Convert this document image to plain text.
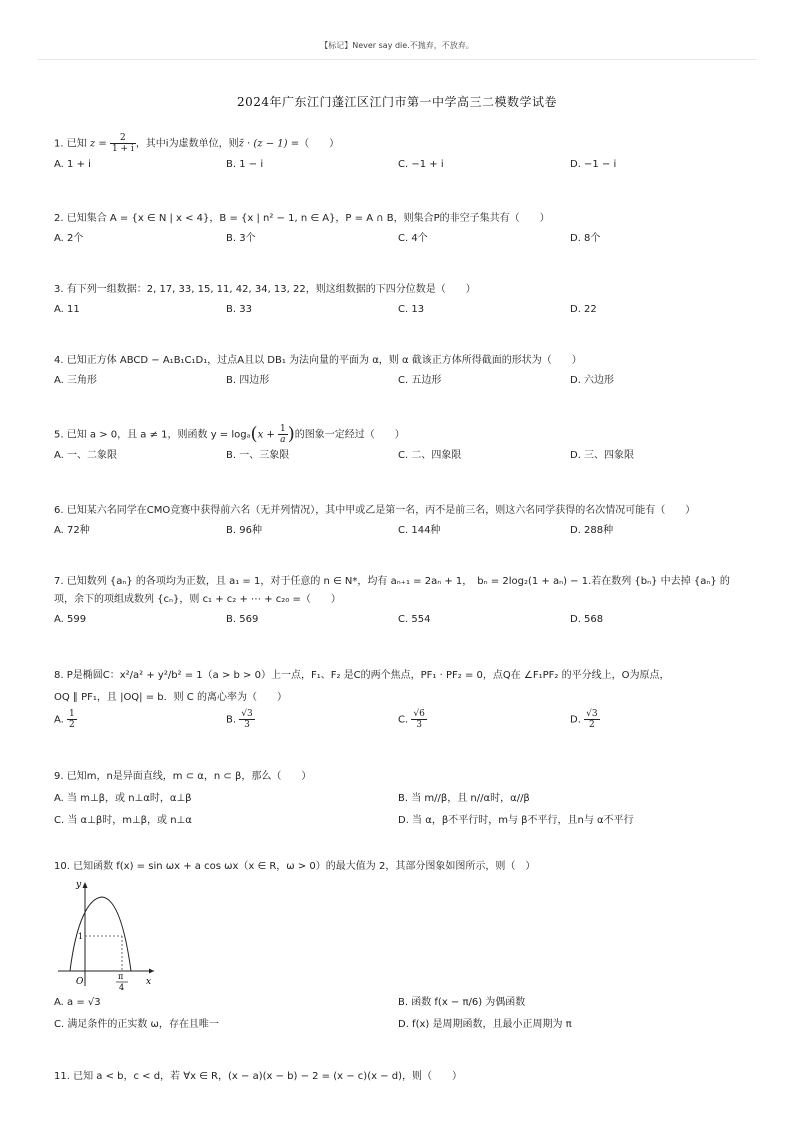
【标记】Never say die.不抛弃，不放弃。
2024年广东江门蓬江区江门市第一中学高三二模数学试卷
1. 已知 $z = \frac{2}{1 + i}$ ，其中i为虚数单位，则z̄ · (z − 1) =（　　）
A. 1 + i	B. 1 − i	C. −1 + i	D. −1 − i
2. 已知集合 A = {x ∈ N | x < 4}，B = {x | n² − 1, n ∈ A}，P = A ∩ B，则集合P的非空子集共有（　　）
A. 2个	B. 3个	C. 4个	D. 8个
3. 有下列一组数据：2, 17, 33, 15, 11, 42, 34, 13, 22，则这组数据的下四分位数是（　　）
A. 11	B. 33	C. 13	D. 22
4. 已知正方体 ABCD − A₁B₁C₁D₁，过点A且以 DB₁ 为法向量的平面为 α，则 α 截该正方体所得截面的形状为（　　）
A. 三角形	B. 四边形	C. 五边形	D. 六边形
5. 已知 a > 0，且 a ≠ 1，则函数 $y = \log_a(x + \frac{1}{a}$ )的图象一定经过（　　）
A. 一、二象限	B. 一、三象限	C. 二、四象限	D. 三、四象限
6. 已知某六名同学在CMO竞赛中获得前六名（无并列情况），其中甲或乙是第一名，丙不是前三名，则这六名同学获得的名次情况可能有（　　）
A. 72种	B. 96种	C. 144种	D. 288种
7. 已知数列 {aₙ} 的各项均为正数，且 a₁ = 1，对于任意的 n ∈ N*，均有 aₙ₊₁ = 2aₙ + 1，　bₙ = 2log₂(1 + aₙ) − 1.若在数列 {bₙ} 中去掉 {aₙ} 的
项，余下的项组成数列 {cₙ}，则 c₁ + c₂ + ⋯ + c₂₀ =（　　）
A. 599	B. 569	C. 554	D. 568
8. P是椭圆C：x²/a² + y²/b² = 1（a > b > 0）上一点，F₁、F₂ 是C的两个焦点，PF₁ · PF₂ = 0，点Q在 ∠F₁PF₂ 的平分线上，O为原点，
OQ ∥ PF₁，且 |OQ| = b．则 C 的离心率为（　　）
A. $\frac{1}{2}$	B. $\frac{√3}{3}$	C. $\frac{√6}{3}$	D. $\frac{√3}{2}$
9. 已知m，n是异面直线，m ⊂ α，n ⊂ β，那么（　　）
A. 当 m⊥β，或 n⊥α时，α⊥β	B. 当 m//β，且 n//α时，α//β
C. 当 α⊥β时，m⊥β，或 n⊥α	D. 当 α，β不平行时，m与 β不平行，且n与 α不平行
10. 已知函数 f(x) = sin ωx + a cos ωx（x ∈ R，ω > 0）的最大值为 2，其部分图象如图所示，则（　）
y
x
O
1
π
4
A. a = √3	B. 函数 f(x − π/6) 为偶函数
C. 满足条件的正实数 ω，存在且唯一	D. f(x) 是周期函数，且最小正周期为 π
11. 已知 a < b，c < d，若 ∀x ∈ R，(x − a)(x − b) − 2 = (x − c)(x − d)，则（　　）
